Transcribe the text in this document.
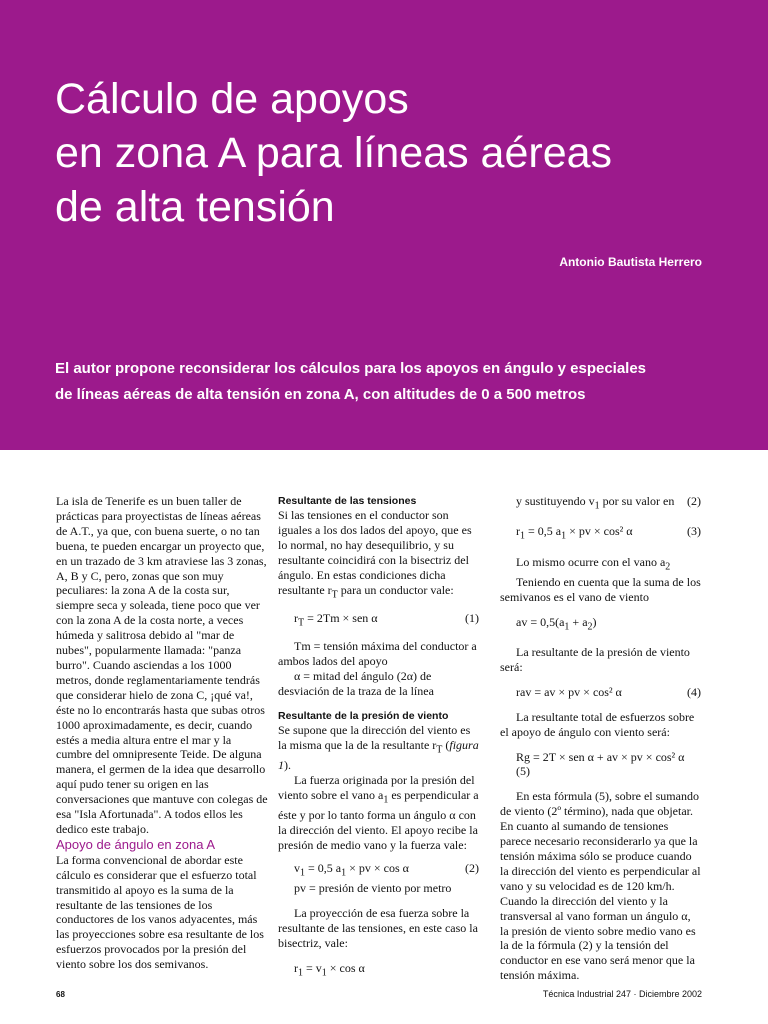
Cálculo de apoyos
en zona A para líneas aéreas
de alta tensión
Antonio Bautista Herrero
El autor propone reconsiderar los cálculos para los apoyos en ángulo y especiales
de líneas aéreas de alta tensión en zona A, con altitudes de 0 a 500 metros

La isla de Tenerife es un buen taller de prácticas para proyectistas de líneas aéreas de A.T., ya que, con buena suerte, o no tan buena, te pueden encargar un proyecto que, en un trazado de 3 km atraviese las 3 zonas, A, B y C, pero, zonas que son muy peculiares: la zona A de la costa sur, siempre seca y soleada, tiene poco que ver con la zona A de la costa norte, a veces húmeda y salitrosa debido al "mar de nubes", popularmente llamada: "panza burro". Cuando asciendas a los 1000 metros, donde reglamentariamente tendrás que considerar hielo de zona C, ¡qué va!, éste no lo encontrarás hasta que subas otros 1000 aproximadamente, es decir, cuando estés a media altura entre el mar y la cumbre del omnipresente Teide. De alguna manera, el germen de la idea que desarrollo aquí pudo tener su origen en las conversaciones que mantuve con colegas de esa "Isla Afortunada". A todos ellos les dedico este trabajo.

Apoyo de ángulo en zona A

La forma convencional de abordar este cálculo es considerar que el esfuerzo total transmitido al apoyo es la suma de la resultante de las tensiones de los conductores de los vanos adyacentes, más las proyecciones sobre esa resultante de los esfuerzos provocados por la presión del viento sobre los dos semivanos.

Resultante de las tensiones

Si las tensiones en el conductor son iguales a los dos lados del apoyo, que es lo normal, no hay desequilibrio, y su resultante coincidirá con la bisectriz del ángulo. En estas condiciones dicha resultante $r_T$ para un conductor vale:

$r_T = 2Tm$ × sen α	(1)

Tm = tensión máxima del conductor a ambos lados del apoyo

α = mitad del ángulo (2α) de desviación de la traza de la línea

Resultante de la presión de viento

Se supone que la dirección del viento es la misma que la de la resultante $r_T$ (figura 1).

La fuerza originada por la presión del viento sobre el vano $a_1$ es perpendicular a éste y por lo tanto forma un ángulo α con la dirección del viento. El apoyo recibe la presión de medio vano y la fuerza vale:

$v_1 = 0,5$ $a_1$ × pv × cos α	(2)

pv = presión de viento por metro

La proyección de esa fuerza sobre la resultante de las tensiones, en este caso la bisectriz, vale:

$r_1 = v_1 \times \cos \alpha$

y sustituyendo $v_1$ por su valor en (2)

$r_1 = 0,5$ $a_1$ × pv × cos² α	(3)

Lo mismo ocurre con el vano $a_2$

Teniendo en cuenta que la suma de los semivanos es el vano de viento

av = $0,5(a_1 + a_2)$

La resultante de la presión de viento será:

rav = av × pv × cos² α	(4)

La resultante total de esfuerzos sobre el apoyo de ángulo con viento será:

Rg = 2T × sen α + av × pv × cos² α (5)

En esta fórmula (5), sobre el sumando de viento (2º término), nada que objetar. En cuanto al sumando de tensiones parece necesario reconsiderarlo ya que la tensión máxima sólo se produce cuando la dirección del viento es perpendicular al vano y su velocidad es de 120 km/h. Cuando la dirección del viento y la transversal al vano forman un ángulo α, la presión de viento sobre medio vano es la de la fórmula (2) y la tensión del conductor en ese vano será menor que la tensión máxima.

68	Técnica Industrial 247 · Diciembre 2002
